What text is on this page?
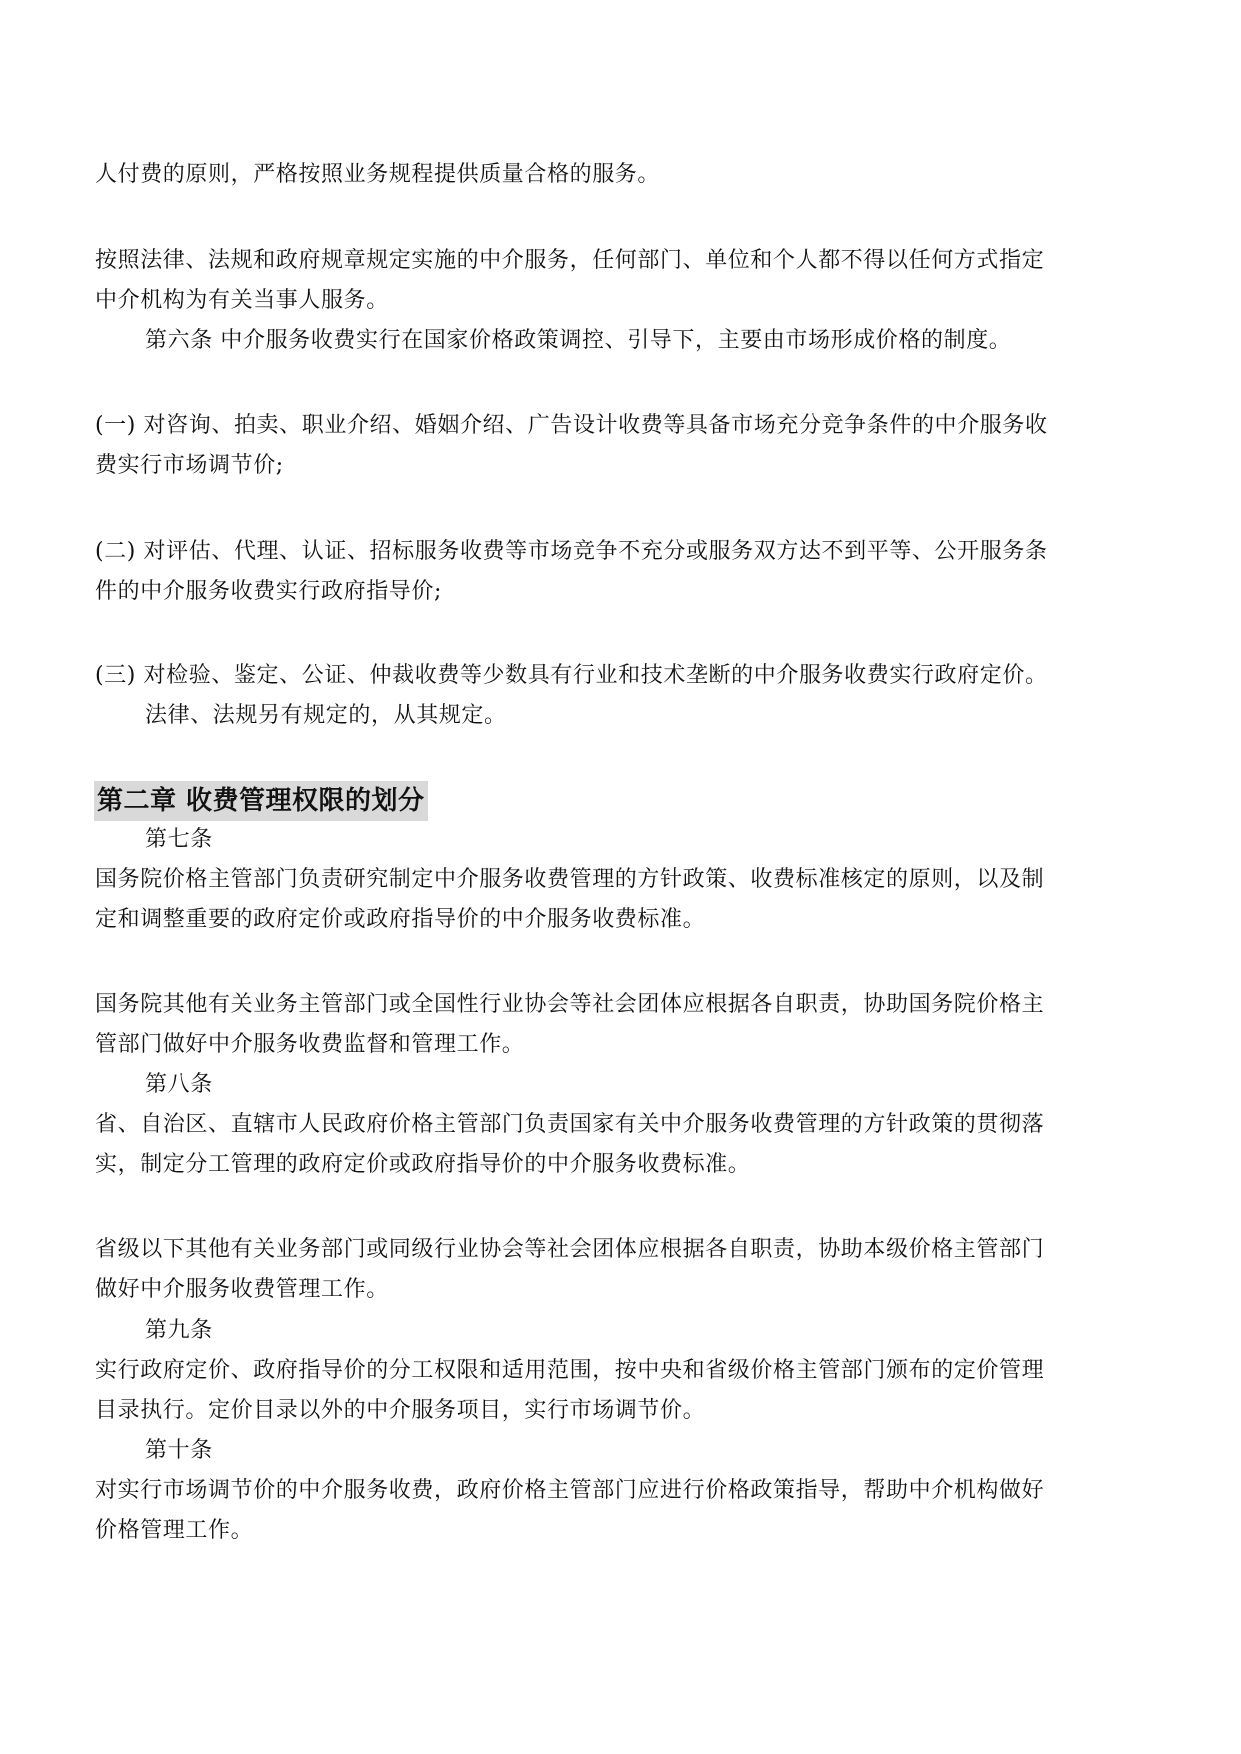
人付费的原则，严格按照业务规程提供质量合格的服务。
按照法律、法规和政府规章规定实施的中介服务，任何部门、单位和个人都不得以任何方式指定
中介机构为有关当事人服务。
第六条 中介服务收费实行在国家价格政策调控、引导下，主要由市场形成价格的制度。
(一) 对咨询、拍卖、职业介绍、婚姻介绍、广告设计收费等具备市场充分竞争条件的中介服务收
费实行市场调节价;
(二) 对评估、代理、认证、招标服务收费等市场竞争不充分或服务双方达不到平等、公开服务条
件的中介服务收费实行政府指导价;
(三) 对检验、鉴定、公证、仲裁收费等少数具有行业和技术垄断的中介服务收费实行政府定价。
法律、法规另有规定的，从其规定。
第二章 收费管理权限的划分
第七条
国务院价格主管部门负责研究制定中介服务收费管理的方针政策、收费标准核定的原则，以及制
定和调整重要的政府定价或政府指导价的中介服务收费标准。
国务院其他有关业务主管部门或全国性行业协会等社会团体应根据各自职责，协助国务院价格主
管部门做好中介服务收费监督和管理工作。
第八条
省、自治区、直辖市人民政府价格主管部门负责国家有关中介服务收费管理的方针政策的贯彻落
实，制定分工管理的政府定价或政府指导价的中介服务收费标准。
省级以下其他有关业务部门或同级行业协会等社会团体应根据各自职责，协助本级价格主管部门
做好中介服务收费管理工作。
第九条
实行政府定价、政府指导价的分工权限和适用范围，按中央和省级价格主管部门颁布的定价管理
目录执行。定价目录以外的中介服务项目，实行市场调节价。
第十条
对实行市场调节价的中介服务收费，政府价格主管部门应进行价格政策指导，帮助中介机构做好
价格管理工作。
